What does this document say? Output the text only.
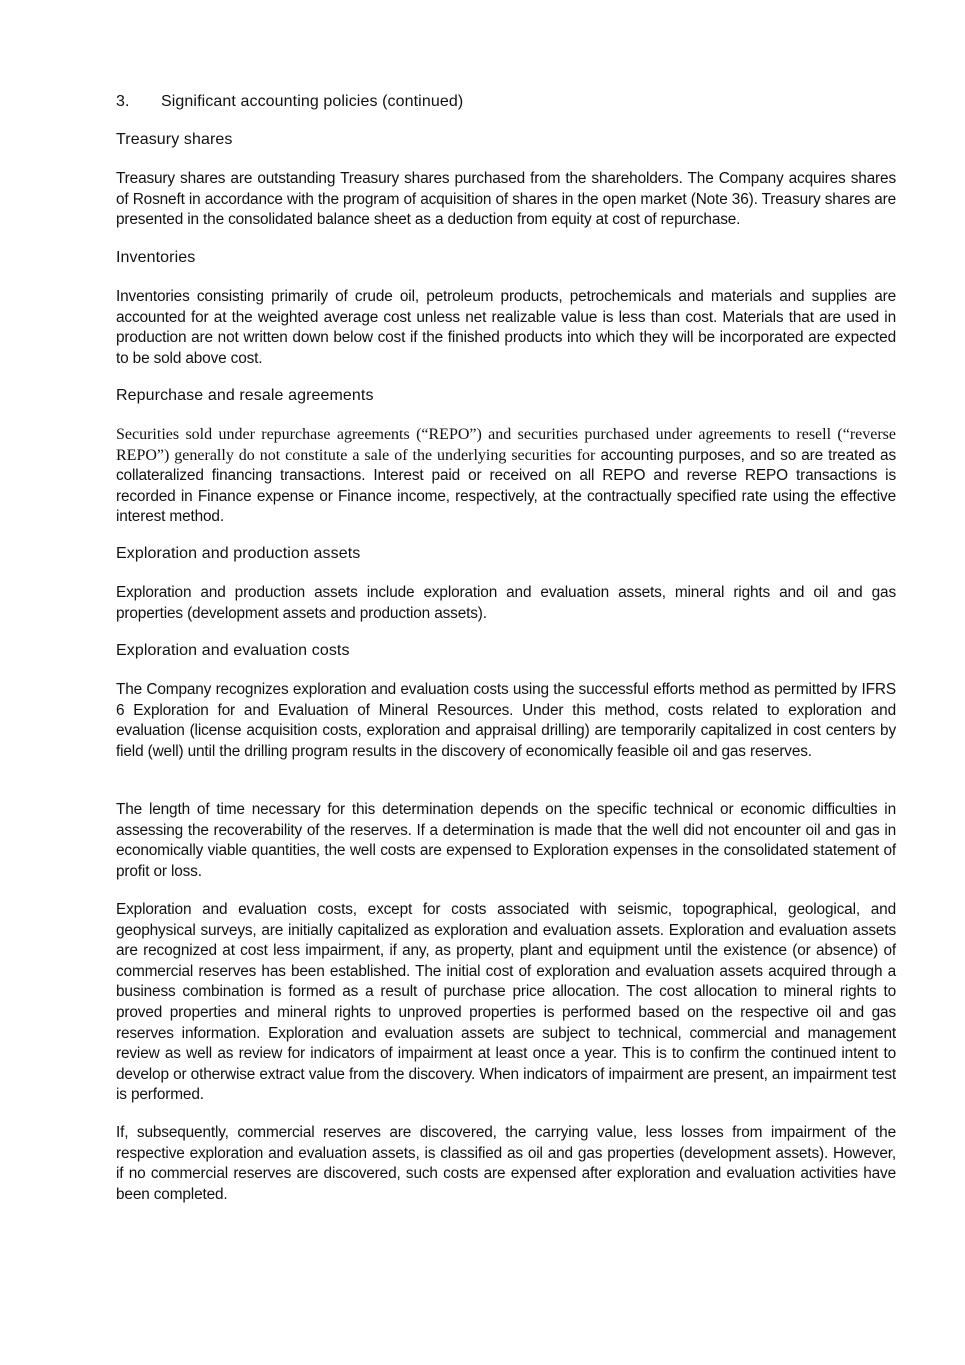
3. Significant accounting policies (continued)
Treasury shares

Treasury shares are outstanding Treasury shares purchased from the shareholders. The Company acquires shares of Rosneft in accordance with the program of acquisition of shares in the open market (Note 36). Treasury shares are presented in the consolidated balance sheet as a deduction from equity at cost of repurchase.

Inventories

Inventories consisting primarily of crude oil, petroleum products, petrochemicals and materials and supplies are accounted for at the weighted average cost unless net realizable value is less than cost. Materials that are used in production are not written down below cost if the finished products into which they will be incorporated are expected to be sold above cost.

Repurchase and resale agreements

Securities sold under repurchase agreements (“REPO”) and securities purchased under agreements to resell (“reverse REPO”) generally do not constitute a sale of the underlying securities for accounting purposes, and so are treated as collateralized financing transactions. Interest paid or received on all REPO and reverse REPO transactions is recorded in Finance expense or Finance income, respectively, at the contractually specified rate using the effective interest method.

Exploration and production assets

Exploration and production assets include exploration and evaluation assets, mineral rights and oil and gas properties (development assets and production assets).

Exploration and evaluation costs

The Company recognizes exploration and evaluation costs using the successful efforts method as permitted by IFRS 6 Exploration for and Evaluation of Mineral Resources. Under this method, costs related to exploration and evaluation (license acquisition costs, exploration and appraisal drilling) are temporarily capitalized in cost centers by field (well) until the drilling program results in the discovery of economically feasible oil and gas reserves.

The length of time necessary for this determination depends on the specific technical or economic difficulties in assessing the recoverability of the reserves. If a determination is made that the well did not encounter oil and gas in economically viable quantities, the well costs are expensed to Exploration expenses in the consolidated statement of profit or loss.

Exploration and evaluation costs, except for costs associated with seismic, topographical, geological, and geophysical surveys, are initially capitalized as exploration and evaluation assets. Exploration and evaluation assets are recognized at cost less impairment, if any, as property, plant and equipment until the existence (or absence) of commercial reserves has been established. The initial cost of exploration and evaluation assets acquired through a business combination is formed as a result of purchase price allocation. The cost allocation to mineral rights to proved properties and mineral rights to unproved properties is performed based on the respective oil and gas reserves information. Exploration and evaluation assets are subject to technical, commercial and management review as well as review for indicators of impairment at least once a year. This is to confirm the continued intent to develop or otherwise extract value from the discovery. When indicators of impairment are present, an impairment test is performed.

If, subsequently, commercial reserves are discovered, the carrying value, less losses from impairment of the respective exploration and evaluation assets, is classified as oil and gas properties (development assets). However, if no commercial reserves are discovered, such costs are expensed after exploration and evaluation activities have been completed.
